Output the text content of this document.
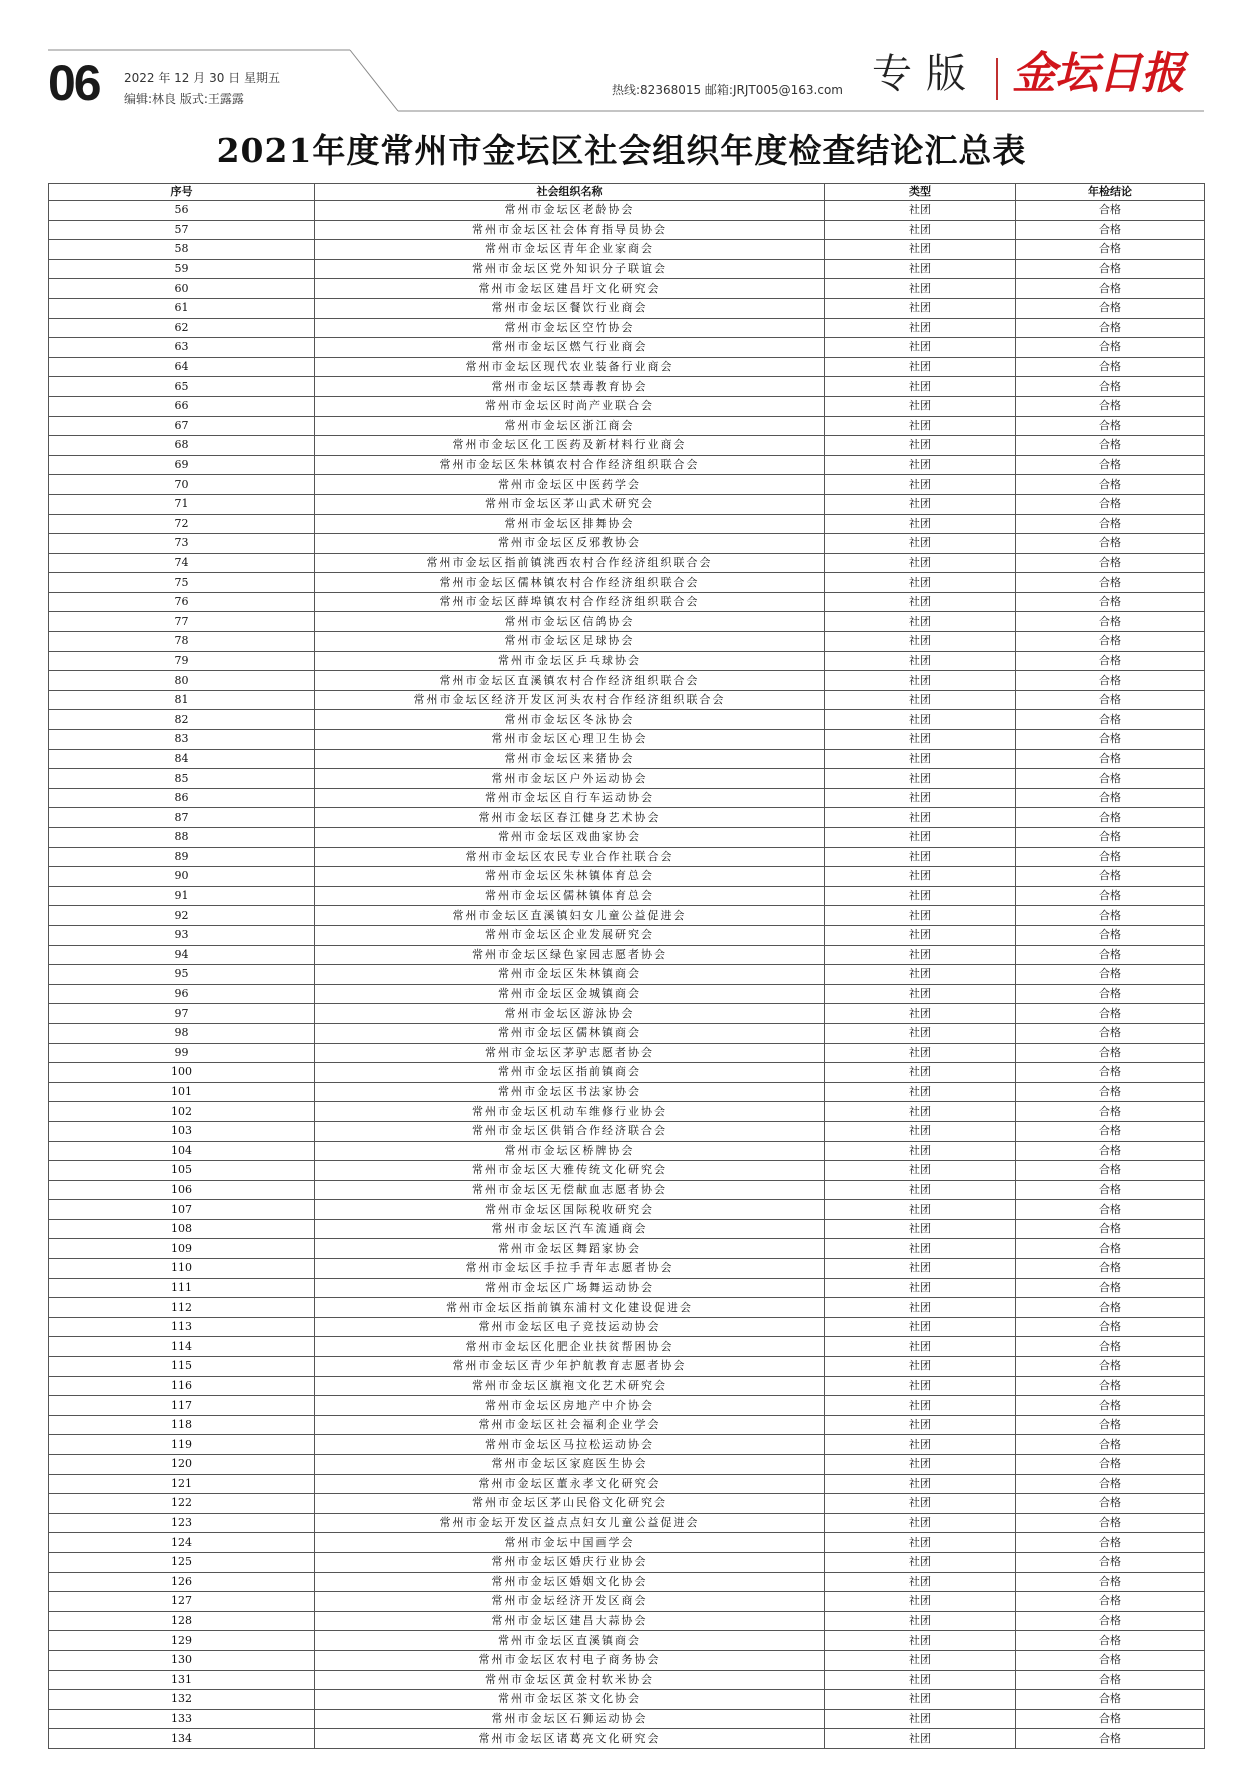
06 2022 年 12 月 30 日 星期五
编辑:林良 版式:王露露
热线:82368015 邮箱:JRJT005@163.com 专版 金坛日报
2021年度常州市金坛区社会组织年度检查结论汇总表
序号	社会组织名称	类型	年检结论
56	常州市金坛区老龄协会	社团	合格
57	常州市金坛区社会体育指导员协会	社团	合格
58	常州市金坛区青年企业家商会	社团	合格
59	常州市金坛区党外知识分子联谊会	社团	合格
60	常州市金坛区建昌圩文化研究会	社团	合格
61	常州市金坛区餐饮行业商会	社团	合格
62	常州市金坛区空竹协会	社团	合格
63	常州市金坛区燃气行业商会	社团	合格
64	常州市金坛区现代农业装备行业商会	社团	合格
65	常州市金坛区禁毒教育协会	社团	合格
66	常州市金坛区时尚产业联合会	社团	合格
67	常州市金坛区浙江商会	社团	合格
68	常州市金坛区化工医药及新材料行业商会	社团	合格
69	常州市金坛区朱林镇农村合作经济组织联合会	社团	合格
70	常州市金坛区中医药学会	社团	合格
71	常州市金坛区茅山武术研究会	社团	合格
72	常州市金坛区排舞协会	社团	合格
73	常州市金坛区反邪教协会	社团	合格
74	常州市金坛区指前镇洮西农村合作经济组织联合会	社团	合格
75	常州市金坛区儒林镇农村合作经济组织联合会	社团	合格
76	常州市金坛区薛埠镇农村合作经济组织联合会	社团	合格
77	常州市金坛区信鸽协会	社团	合格
78	常州市金坛区足球协会	社团	合格
79	常州市金坛区乒乓球协会	社团	合格
80	常州市金坛区直溪镇农村合作经济组织联合会	社团	合格
81	常州市金坛区经济开发区河头农村合作经济组织联合会	社团	合格
82	常州市金坛区冬泳协会	社团	合格
83	常州市金坛区心理卫生协会	社团	合格
84	常州市金坛区来猪协会	社团	合格
85	常州市金坛区户外运动协会	社团	合格
86	常州市金坛区自行车运动协会	社团	合格
87	常州市金坛区春江健身艺术协会	社团	合格
88	常州市金坛区戏曲家协会	社团	合格
89	常州市金坛区农民专业合作社联合会	社团	合格
90	常州市金坛区朱林镇体育总会	社团	合格
91	常州市金坛区儒林镇体育总会	社团	合格
92	常州市金坛区直溪镇妇女儿童公益促进会	社团	合格
93	常州市金坛区企业发展研究会	社团	合格
94	常州市金坛区绿色家园志愿者协会	社团	合格
95	常州市金坛区朱林镇商会	社团	合格
96	常州市金坛区金城镇商会	社团	合格
97	常州市金坛区游泳协会	社团	合格
98	常州市金坛区儒林镇商会	社团	合格
99	常州市金坛区茅驴志愿者协会	社团	合格
100	常州市金坛区指前镇商会	社团	合格
101	常州市金坛区书法家协会	社团	合格
102	常州市金坛区机动车维修行业协会	社团	合格
103	常州市金坛区供销合作经济联合会	社团	合格
104	常州市金坛区桥牌协会	社团	合格
105	常州市金坛区大雅传统文化研究会	社团	合格
106	常州市金坛区无偿献血志愿者协会	社团	合格
107	常州市金坛区国际税收研究会	社团	合格
108	常州市金坛区汽车流通商会	社团	合格
109	常州市金坛区舞蹈家协会	社团	合格
110	常州市金坛区手拉手青年志愿者协会	社团	合格
111	常州市金坛区广场舞运动协会	社团	合格
112	常州市金坛区指前镇东浦村文化建设促进会	社团	合格
113	常州市金坛区电子竞技运动协会	社团	合格
114	常州市金坛区化肥企业扶贫帮困协会	社团	合格
115	常州市金坛区青少年护航教育志愿者协会	社团	合格
116	常州市金坛区旗袍文化艺术研究会	社团	合格
117	常州市金坛区房地产中介协会	社团	合格
118	常州市金坛区社会福利企业学会	社团	合格
119	常州市金坛区马拉松运动协会	社团	合格
120	常州市金坛区家庭医生协会	社团	合格
121	常州市金坛区董永孝文化研究会	社团	合格
122	常州市金坛区茅山民俗文化研究会	社团	合格
123	常州市金坛开发区益点点妇女儿童公益促进会	社团	合格
124	常州市金坛中国画学会	社团	合格
125	常州市金坛区婚庆行业协会	社团	合格
126	常州市金坛区婚姻文化协会	社团	合格
127	常州市金坛经济开发区商会	社团	合格
128	常州市金坛区建昌大蒜协会	社团	合格
129	常州市金坛区直溪镇商会	社团	合格
130	常州市金坛区农村电子商务协会	社团	合格
131	常州市金坛区黄金村软米协会	社团	合格
132	常州市金坛区茶文化协会	社团	合格
133	常州市金坛区石狮运动协会	社团	合格
134	常州市金坛区诸葛亮文化研究会	社团	合格
